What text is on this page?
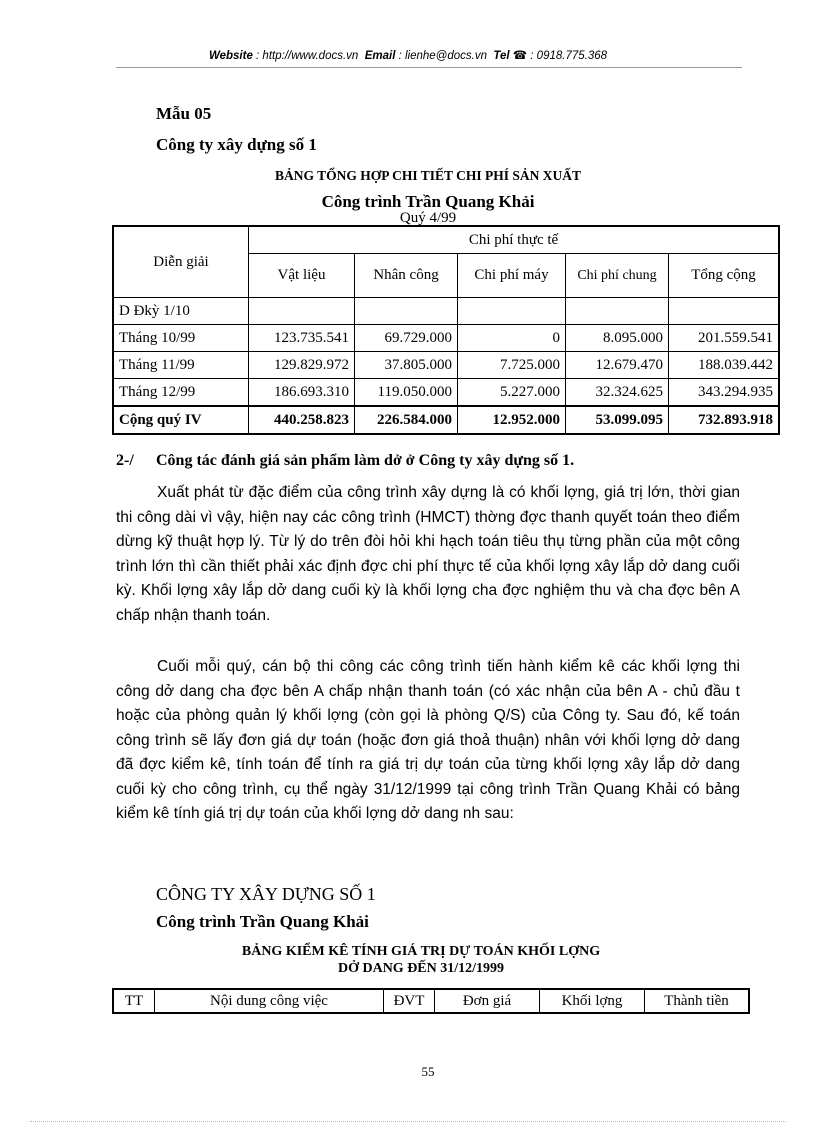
Website : http://www.docs.vn Email : lienhe@docs.vn Tel ☎ : 0918.775.368
Mẫu 05
Công ty xây dựng số 1
BẢNG TỔNG HỢP CHI TIẾT CHI PHÍ SẢN XUẤT
Công trình Trần Quang Khải
Quý 4/99
Diễn giải	Chi phí thực tế				
	Vật liệu	Nhân công	Chi phí máy	Chi phí chung	Tổng cộng
D Đkỳ 1/10					
Tháng 10/99	123.735.541	69.729.000	0	8.095.000	201.559.541
Tháng 11/99	129.829.972	37.805.000	7.725.000	12.679.470	188.039.442
Tháng 12/99	186.693.310	119.050.000	5.227.000	32.324.625	343.294.935
Cộng quý IV	440.258.823	226.584.000	12.952.000	53.099.095	732.893.918
2-/ Công tác đánh giá sản phẩm làm dở ở Công ty xây dựng số 1.

Xuất phát từ đặc điểm của công trình xây dựng là có khối lợng, giá trị lớn, thời gian thi công dài vì vậy, hiện nay các công trình (HMCT) thờng đợc thanh quyết toán theo điểm dừng kỹ thuật hợp lý. Từ lý do trên đòi hỏi khi hạch toán tiêu thụ từng phần của một công trình lớn thì cần thiết phải xác định đợc chi phí thực tế của khối lợng xây lắp dở dang cuối kỳ. Khối lợng xây lắp dở dang cuối kỳ là khối lợng cha đợc nghiệm thu và cha đợc bên A chấp nhận thanh toán.

Cuối mỗi quý, cán bộ thi công các công trình tiến hành kiểm kê các khối lợng thi công dở dang cha đợc bên A chấp nhận thanh toán (có xác nhận của bên A - chủ đầu t hoặc của phòng quản lý khối lợng (còn gọi là phòng Q/S) của Công ty. Sau đó, kế toán công trình sẽ lấy đơn giá dự toán (hoặc đơn giá thoả thuận) nhân với khối lợng dở dang đã đợc kiểm kê, tính toán để tính ra giá trị dự toán của từng khối lợng xây lắp dở dang cuối kỳ cho công trình, cụ thể ngày 31/12/1999 tại công trình Trần Quang Khải có bảng kiểm kê tính giá trị dự toán của khối lợng dở dang nh sau:

CÔNG TY XÂY DỰNG SỐ 1
Công trình Trần Quang Khải
BẢNG KIỂM KÊ TÍNH GIÁ TRỊ DỰ TOÁN KHỐI LỢNG
DỞ DANG ĐẾN 31/12/1999
TT	Nội dung công việc	ĐVT	Đơn giá	Khối lợng	Thành tiền
55
